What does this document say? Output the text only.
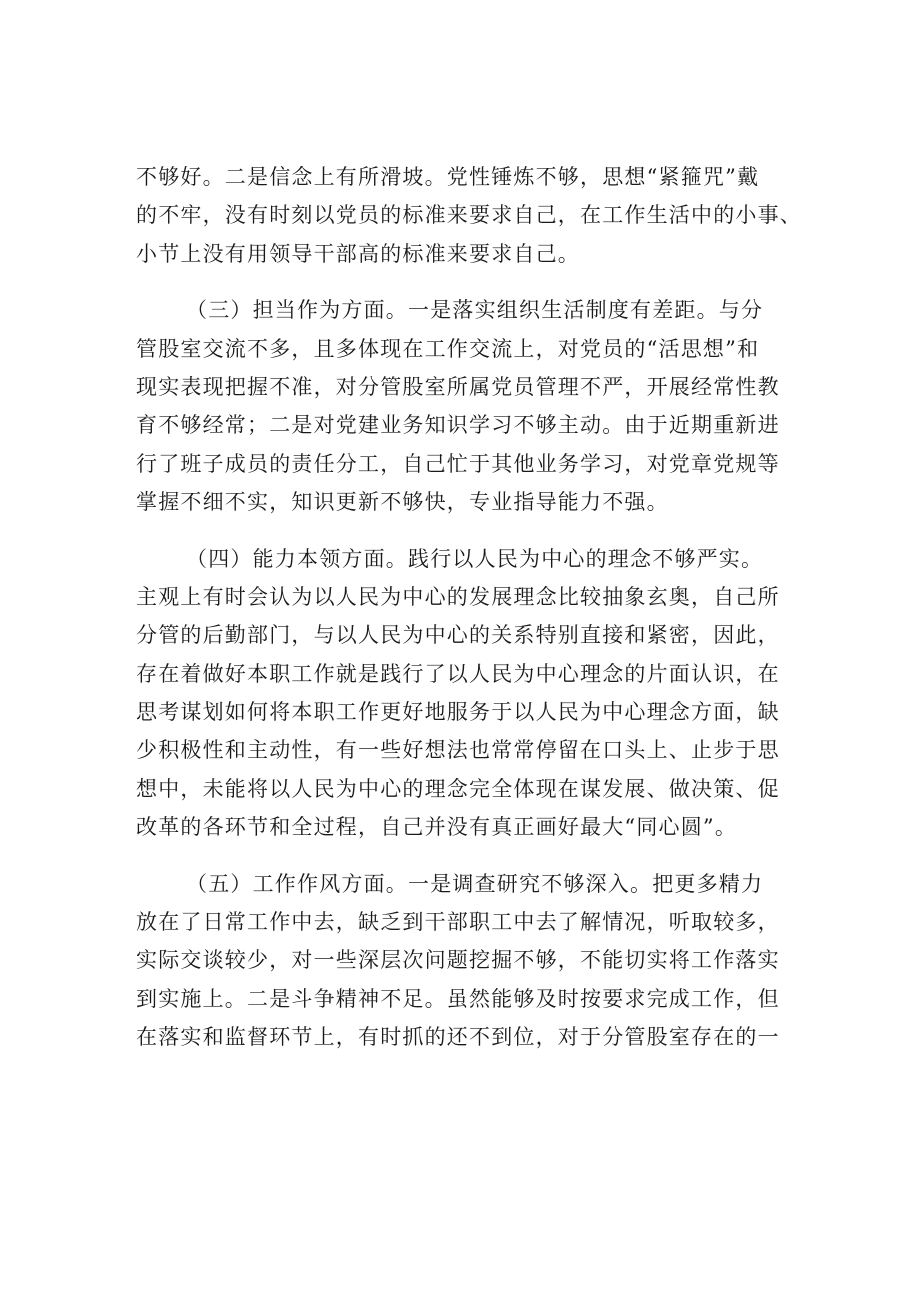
不够好。二是信念上有所滑坡。党性锤炼不够，思想“紧箍咒”戴
的不牢，没有时刻以党员的标准来要求自己，在工作生活中的小事、
小节上没有用领导干部高的标准来要求自己。
（三）担当作为方面。一是落实组织生活制度有差距。与分
管股室交流不多，且多体现在工作交流上，对党员的“活思想”和
现实表现把握不准，对分管股室所属党员管理不严，开展经常性教
育不够经常；二是对党建业务知识学习不够主动。由于近期重新进
行了班子成员的责任分工，自己忙于其他业务学习，对党章党规等
掌握不细不实，知识更新不够快，专业指导能力不强。
（四）能力本领方面。践行以人民为中心的理念不够严实。
主观上有时会认为以人民为中心的发展理念比较抽象玄奥，自己所
分管的后勤部门，与以人民为中心的关系特别直接和紧密，因此，
存在着做好本职工作就是践行了以人民为中心理念的片面认识，在
思考谋划如何将本职工作更好地服务于以人民为中心理念方面，缺
少积极性和主动性，有一些好想法也常常停留在口头上、止步于思
想中，未能将以人民为中心的理念完全体现在谋发展、做决策、促
改革的各环节和全过程，自己并没有真正画好最大“同心圆”。
（五）工作作风方面。一是调查研究不够深入。把更多精力
放在了日常工作中去，缺乏到干部职工中去了解情况，听取较多，
实际交谈较少，对一些深层次问题挖掘不够，不能切实将工作落实
到实施上。二是斗争精神不足。虽然能够及时按要求完成工作，但
在落实和监督环节上，有时抓的还不到位，对于分管股室存在的一
